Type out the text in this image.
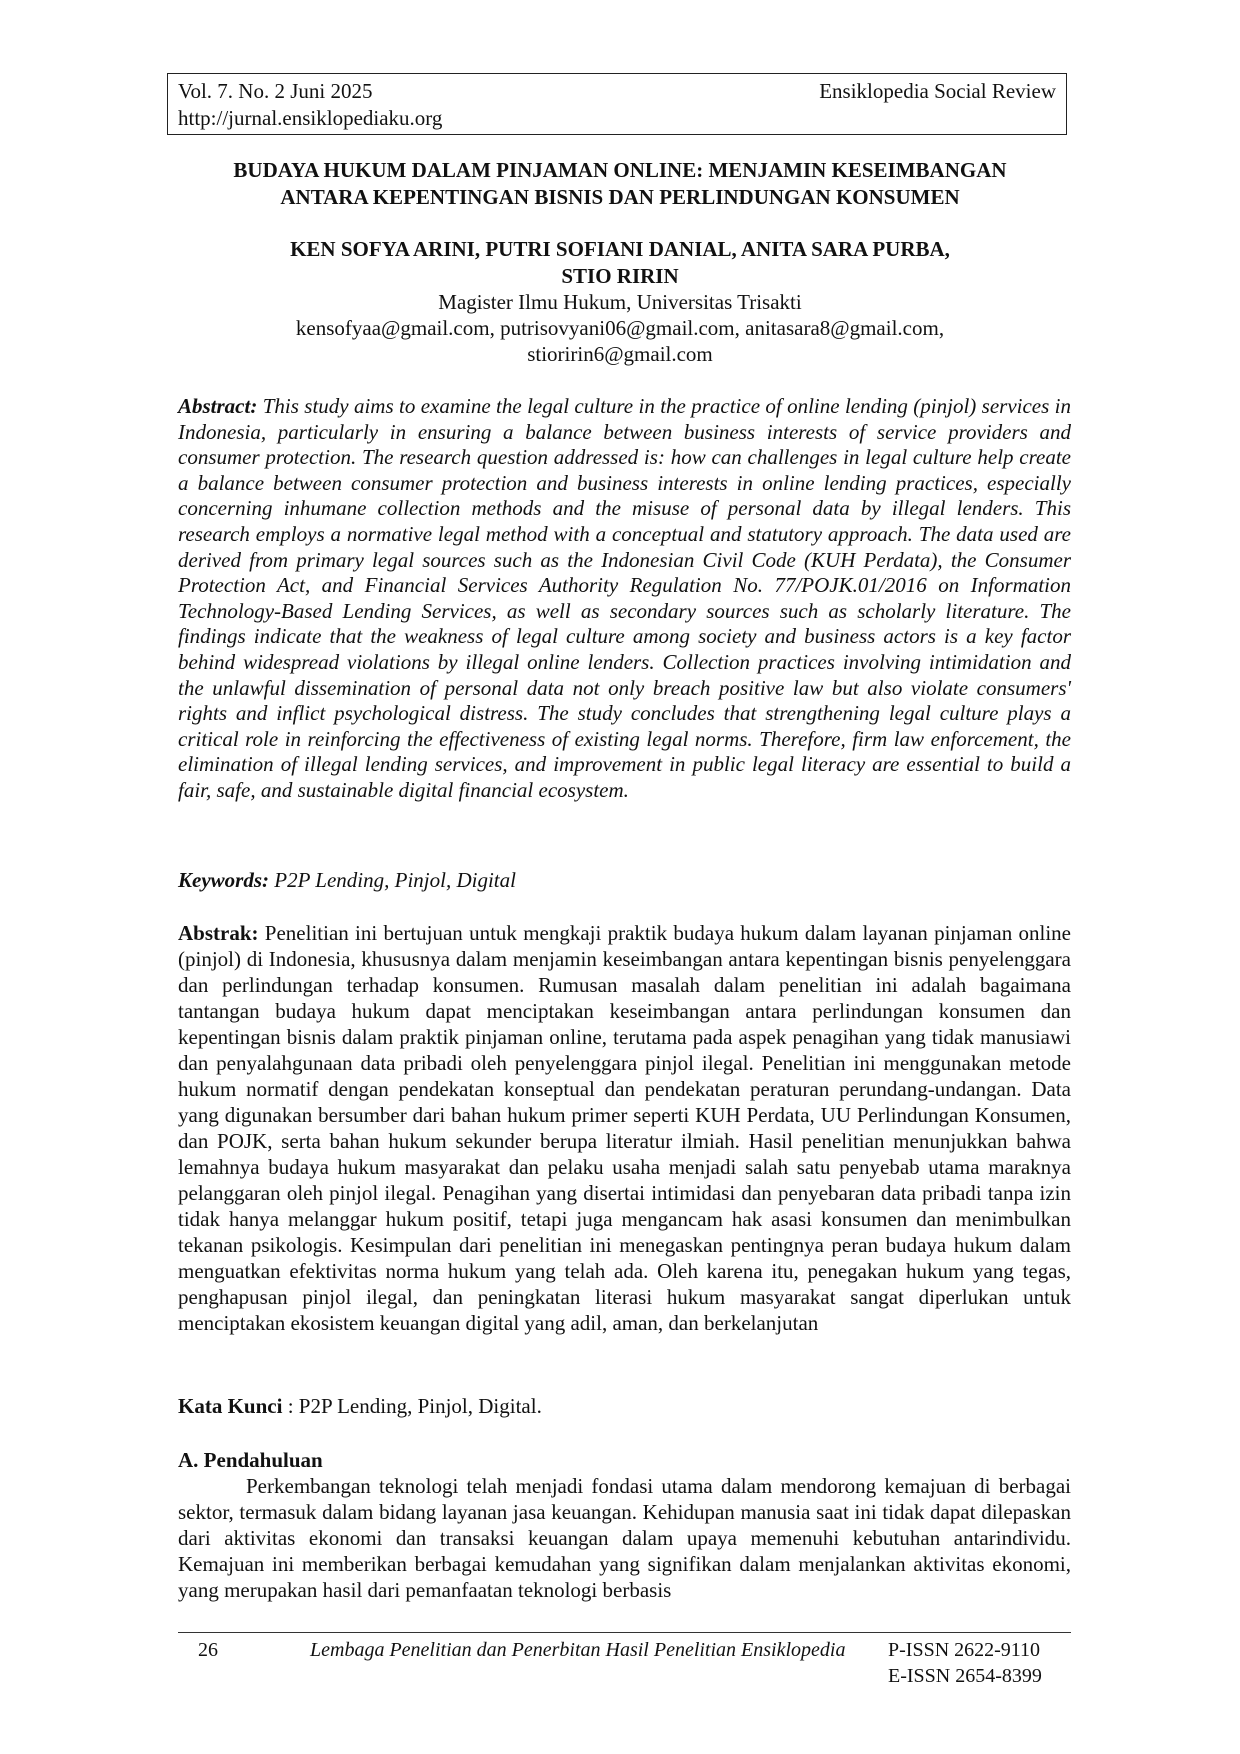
Vol. 7. No. 2 Juni 2025	Ensiklopedia Social Review
http://jurnal.ensiklopediaku.org
BUDAYA HUKUM DALAM PINJAMAN ONLINE: MENJAMIN KESEIMBANGAN
ANTARA KEPENTINGAN BISNIS DAN PERLINDUNGAN KONSUMEN
KEN SOFYA ARINI, PUTRI SOFIANI DANIAL, ANITA SARA PURBA,
STIO RIRIN
Magister Ilmu Hukum, Universitas Trisakti
kensofyaa@gmail.com, putrisovyani06@gmail.com, anitasara8@gmail.com,
stioririn6@gmail.com
Abstract: This study aims to examine the legal culture in the practice of online lending (pinjol) services in Indonesia, particularly in ensuring a balance between business interests of service providers and consumer protection. The research question addressed is: how can challenges in legal culture help create a balance between consumer protection and business interests in online lending practices, especially concerning inhumane collection methods and the misuse of personal data by illegal lenders. This research employs a normative legal method with a conceptual and statutory approach. The data used are derived from primary legal sources such as the Indonesian Civil Code (KUH Perdata), the Consumer Protection Act, and Financial Services Authority Regulation No. 77/POJK.01/2016 on Information Technology-Based Lending Services, as well as secondary sources such as scholarly literature. The findings indicate that the weakness of legal culture among society and business actors is a key factor behind widespread violations by illegal online lenders. Collection practices involving intimidation and the unlawful dissemination of personal data not only breach positive law but also violate consumers' rights and inflict psychological distress. The study concludes that strengthening legal culture plays a critical role in reinforcing the effectiveness of existing legal norms. Therefore, firm law enforcement, the elimination of illegal lending services, and improvement in public legal literacy are essential to build a fair, safe, and sustainable digital financial ecosystem.
Keywords: P2P Lending, Pinjol, Digital
Abstrak: Penelitian ini bertujuan untuk mengkaji praktik budaya hukum dalam layanan pinjaman online (pinjol) di Indonesia, khususnya dalam menjamin keseimbangan antara kepentingan bisnis penyelenggara dan perlindungan terhadap konsumen. Rumusan masalah dalam penelitian ini adalah bagaimana tantangan budaya hukum dapat menciptakan keseimbangan antara perlindungan konsumen dan kepentingan bisnis dalam praktik pinjaman online, terutama pada aspek penagihan yang tidak manusiawi dan penyalahgunaan data pribadi oleh penyelenggara pinjol ilegal. Penelitian ini menggunakan metode hukum normatif dengan pendekatan konseptual dan pendekatan peraturan perundang-undangan. Data yang digunakan bersumber dari bahan hukum primer seperti KUH Perdata, UU Perlindungan Konsumen, dan POJK, serta bahan hukum sekunder berupa literatur ilmiah. Hasil penelitian menunjukkan bahwa lemahnya budaya hukum masyarakat dan pelaku usaha menjadi salah satu penyebab utama maraknya pelanggaran oleh pinjol ilegal. Penagihan yang disertai intimidasi dan penyebaran data pribadi tanpa izin tidak hanya melanggar hukum positif, tetapi juga mengancam hak asasi konsumen dan menimbulkan tekanan psikologis. Kesimpulan dari penelitian ini menegaskan pentingnya peran budaya hukum dalam menguatkan efektivitas norma hukum yang telah ada. Oleh karena itu, penegakan hukum yang tegas, penghapusan pinjol ilegal, dan peningkatan literasi hukum masyarakat sangat diperlukan untuk menciptakan ekosistem keuangan digital yang adil, aman, dan berkelanjutan
Kata Kunci : P2P Lending, Pinjol, Digital.
A. Pendahuluan
Perkembangan teknologi telah menjadi fondasi utama dalam mendorong kemajuan di berbagai sektor, termasuk dalam bidang layanan jasa keuangan. Kehidupan manusia saat ini tidak dapat dilepaskan dari aktivitas ekonomi dan transaksi keuangan dalam upaya memenuhi kebutuhan antarindividu. Kemajuan ini memberikan berbagai kemudahan yang signifikan dalam menjalankan aktivitas ekonomi, yang merupakan hasil dari pemanfaatan teknologi berbasis
26	Lembaga Penelitian dan Penerbitan Hasil Penelitian Ensiklopedia P-ISSN 2622-9110
E-ISSN 2654-8399
